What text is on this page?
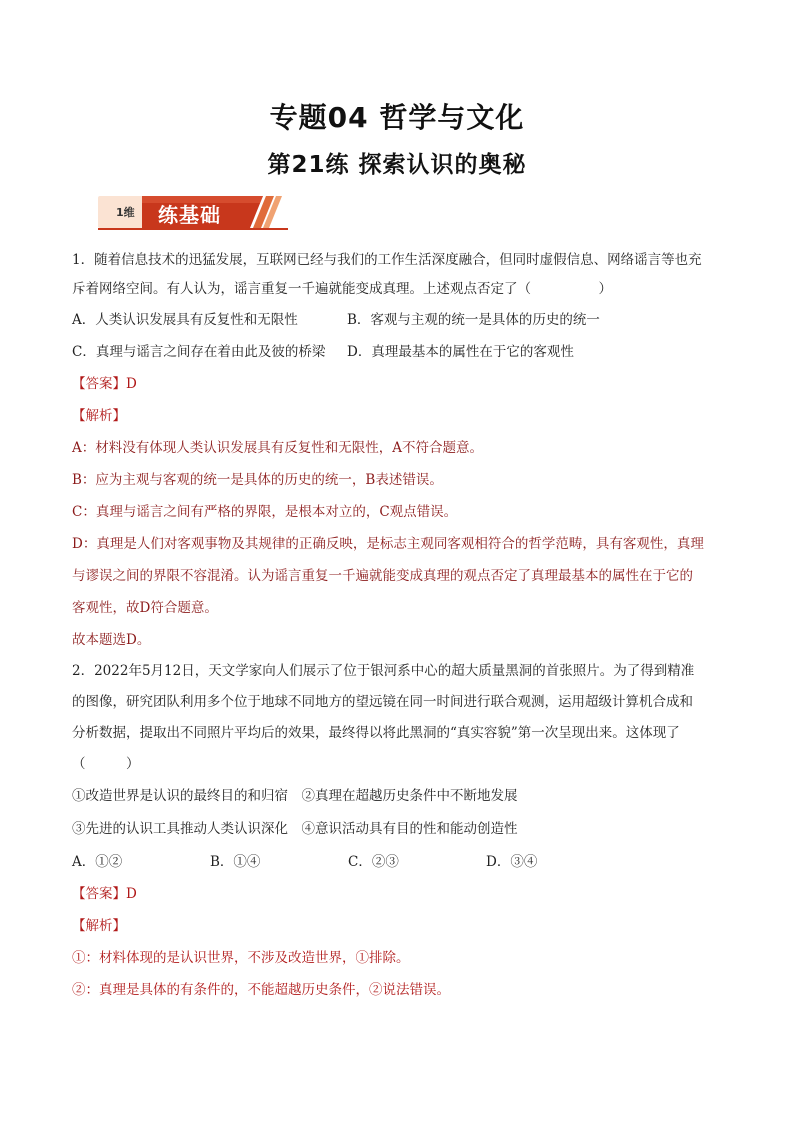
专题04 哲学与文化
第21练 探索认识的奥秘
1维 练基础
1．随着信息技术的迅猛发展，互联网已经与我们的工作生活深度融合，但同时虚假信息、网络谣言等也充
斥着网络空间。有人认为，谣言重复一千遍就能变成真理。上述观点否定了（　　　　　）
A．人类认识发展具有反复性和无限性	B．客观与主观的统一是具体的历史的统一
C．真理与谣言之间存在着由此及彼的桥梁	D．真理最基本的属性在于它的客观性
【答案】D
【解析】
A：材料没有体现人类认识发展具有反复性和无限性，A不符合题意。
B：应为主观与客观的统一是具体的历史的统一，B表述错误。
C：真理与谣言之间有严格的界限，是根本对立的，C观点错误。
D：真理是人们对客观事物及其规律的正确反映，是标志主观同客观相符合的哲学范畴，具有客观性，真理
与谬误之间的界限不容混淆。认为谣言重复一千遍就能变成真理的观点否定了真理最基本的属性在于它的
客观性，故D符合题意。
故本题选D。
2．2022年5月12日，天文学家向人们展示了位于银河系中心的超大质量黑洞的首张照片。为了得到精准
的图像，研究团队利用多个位于地球不同地方的望远镜在同一时间进行联合观测，运用超级计算机合成和
分析数据，提取出不同照片平均后的效果，最终得以将此黑洞的“真实容貌”第一次呈现出来。这体现了
（　　　）
①改造世界是认识的最终目的和归宿　②真理在超越历史条件中不断地发展
③先进的认识工具推动人类认识深化　④意识活动具有目的性和能动创造性
A．①②	B．①④	C．②③	D．③④
【答案】D
【解析】
①：材料体现的是认识世界，不涉及改造世界，①排除。
②：真理是具体的有条件的，不能超越历史条件，②说法错误。
